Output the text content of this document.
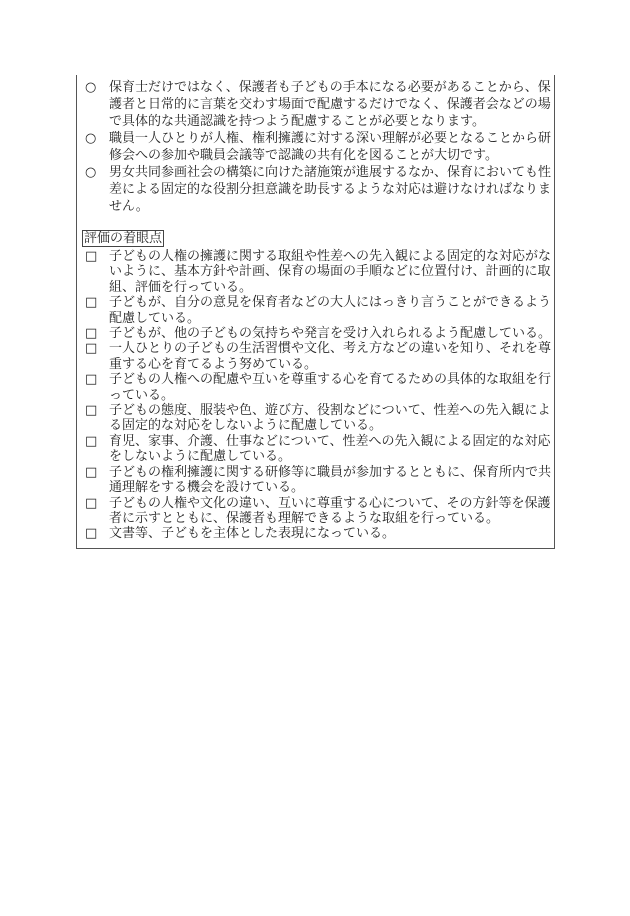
○ 保育士だけではなく、保護者も子どもの手本になる必要があることから、保護者と日常的に言葉を交わす場面で配慮するだけでなく、保護者会などの場で具体的な共通認識を持つよう配慮することが必要となります。
○ 職員一人ひとりが人権、権利擁護に対する深い理解が必要となることから研修会への参加や職員会議等で認識の共有化を図ることが大切です。
○ 男女共同参画社会の構築に向けた諸施策が進展するなか、保育においても性差による固定的な役割分担意識を助長するような対応は避けなければなりません。
評価の着眼点
□ 子どもの人権の擁護に関する取組や性差への先入観による固定的な対応がないように、基本方針や計画、保育の場面の手順などに位置付け、計画的に取組、評価を行っている。
□ 子どもが、自分の意見を保育者などの大人にはっきり言うことができるよう配慮している。
□ 子どもが、他の子どもの気持ちや発言を受け入れられるよう配慮している。
□ 一人ひとりの子どもの生活習慣や文化、考え方などの違いを知り、それを尊重する心を育てるよう努めている。
□ 子どもの人権への配慮や互いを尊重する心を育てるための具体的な取組を行っている。
□ 子どもの態度、服装や色、遊び方、役割などについて、性差への先入観による固定的な対応をしないように配慮している。
□ 育児、家事、介護、仕事などについて、性差への先入観による固定的な対応をしないように配慮している。
□ 子どもの権利擁護に関する研修等に職員が参加するとともに、保育所内で共通理解をする機会を設けている。
□ 子どもの人権や文化の違い、互いに尊重する心について、その方針等を保護者に示すとともに、保護者も理解できるような取組を行っている。
□ 文書等、子どもを主体とした表現になっている。
